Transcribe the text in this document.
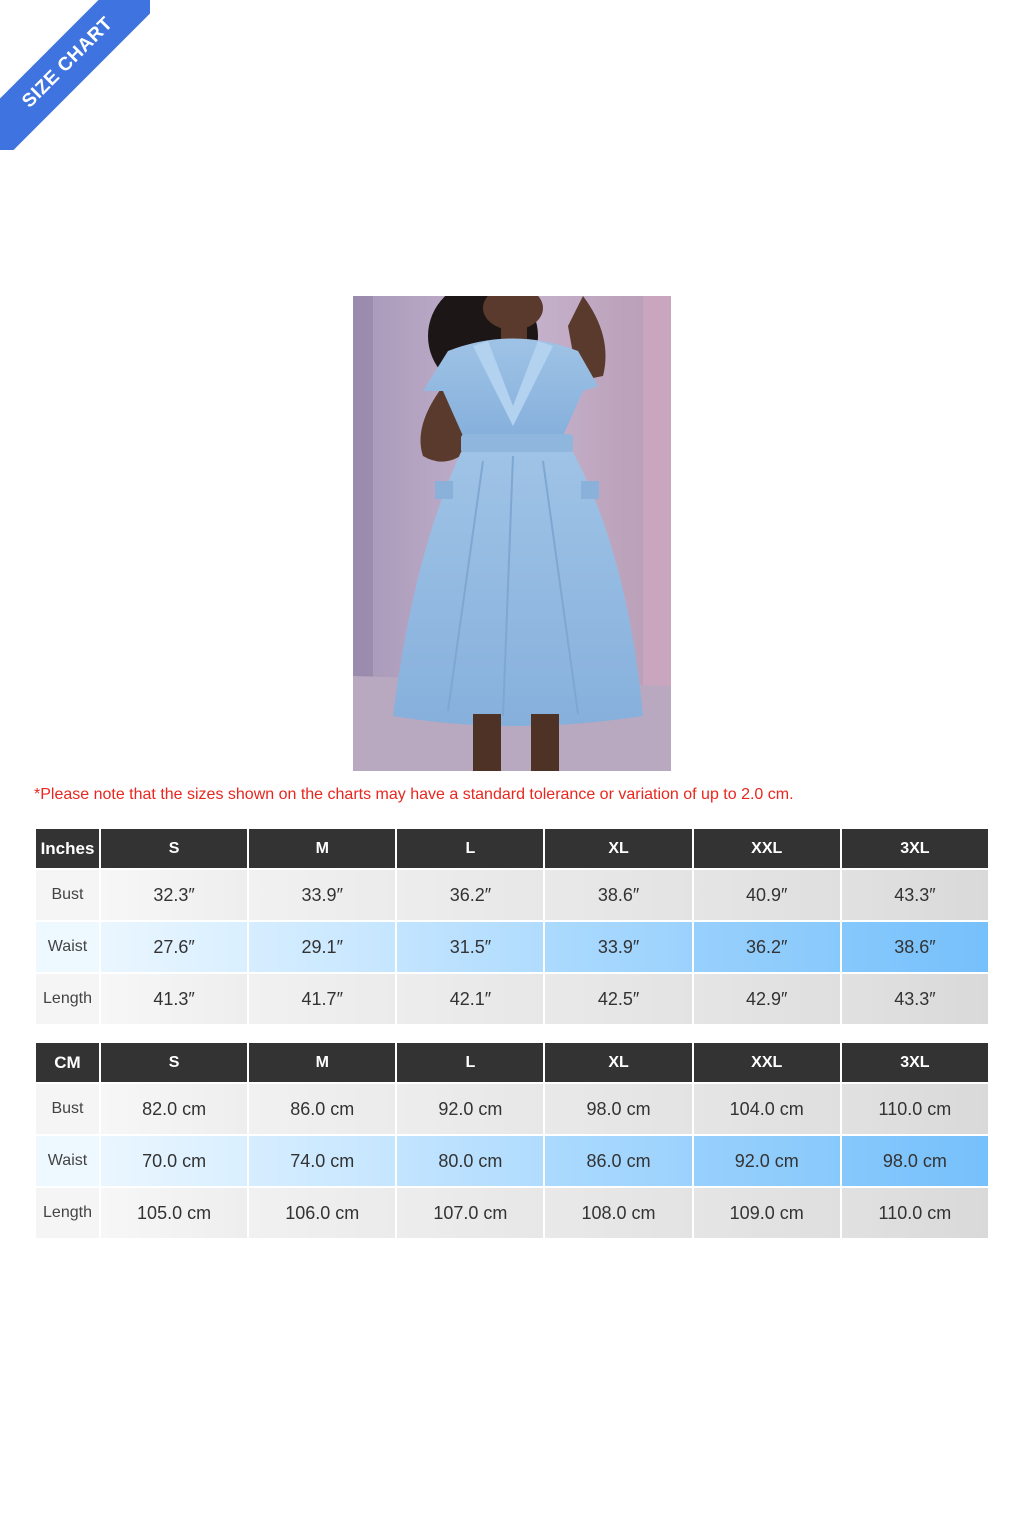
SIZE CHART
*Please note that the sizes shown on the charts may have a standard tolerance or variation of up to 2.0 cm.
Inches	S	M	L	XL	XXL	3XL
Bust	32.3″	33.9″	36.2″	38.6″	40.9″	43.3″
Waist	27.6″	29.1″	31.5″	33.9″	36.2″	38.6″
Length	41.3″	41.7″	42.1″	42.5″	42.9″	43.3″
CM	S	M	L	XL	XXL	3XL
Bust	82.0 cm	86.0 cm	92.0 cm	98.0 cm	104.0 cm	110.0 cm
Waist	70.0 cm	74.0 cm	80.0 cm	86.0 cm	92.0 cm	98.0 cm
Length	105.0 cm	106.0 cm	107.0 cm	108.0 cm	109.0 cm	110.0 cm
